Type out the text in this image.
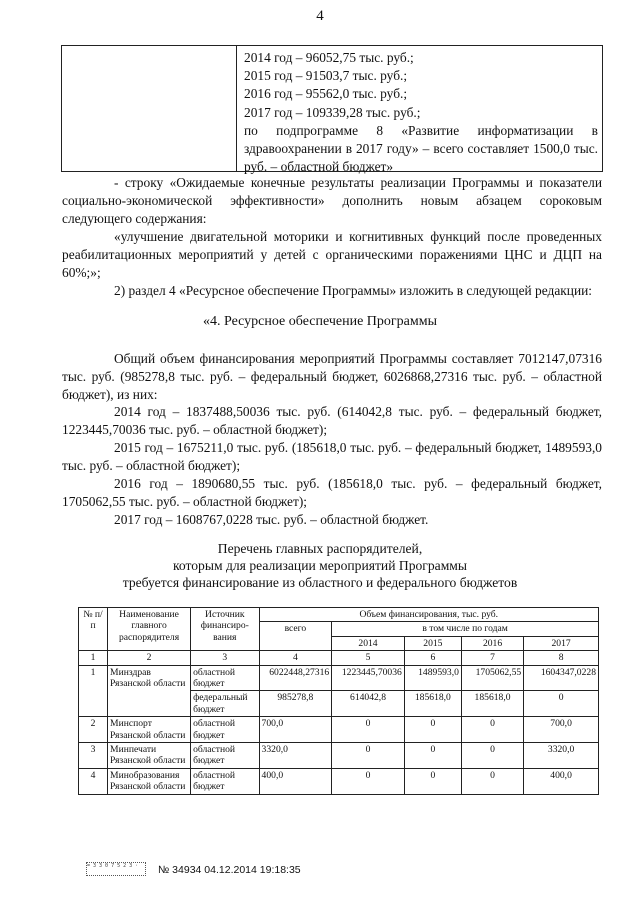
4
2014 год – 96052,75 тыс. руб.;
2015 год – 91503,7 тыс. руб.;
2016 год – 95562,0 тыс. руб.;
2017 год – 109339,28 тыс. руб.;
по подпрограмме 8 «Развитие информатизации в здравоохранении в 2017 году» – всего составляет 1500,0 тыс. руб. – областной бюджет»
- строку «Ожидаемые конечные результаты реализации Программы и показатели социально-экономической эффективности» дополнить новым абзацем сороковым следующего содержания:
«улучшение двигательной моторики и когнитивных функций после проведенных реабилитационных мероприятий у детей с органическими поражениями ЦНС и ДЦП на 60%;»;
2) раздел 4 «Ресурсное обеспечение Программы» изложить в следующей редакции:
«4. Ресурсное обеспечение Программы
Общий объем финансирования мероприятий Программы составляет 7012147,07316 тыс. руб. (985278,8 тыс. руб. – федеральный бюджет, 6026868,27316 тыс. руб. – областной бюджет), из них:
2014 год – 1837488,50036 тыс. руб. (614042,8 тыс. руб. – федеральный бюджет, 1223445,70036 тыс. руб. – областной бюджет);
2015 год – 1675211,0 тыс. руб. (185618,0 тыс. руб. – федеральный бюджет, 1489593,0 тыс. руб. – областной бюджет);
2016 год – 1890680,55 тыс. руб. (185618,0 тыс. руб. – федеральный бюджет, 1705062,55 тыс. руб. – областной бюджет);
2017 год – 1608767,0228 тыс. руб. – областной бюджет.
Перечень главных распорядителей,
которым для реализации мероприятий Программы
требуется финансирование из областного и федерального бюджетов
№ п/п	Наименование главного распорядителя	Источник финансиро- вания	Объем финансирования, тыс. руб.				
			всего	в том числе по годам			
				2014	2015	2016	2017
1	2	3	4	5	6	7	8
1	Минздрав Рязанской области	областной бюджет	6022448,27316	1223445,70036	1489593,0	1705062,55	1604347,0228
		федеральный бюджет	985278,8	614042,8	185618,0	185618,0	0
2	Минспорт Рязанской области	областной бюджет	700,0	0	0	0	700,0
3	Минпечати Рязанской области	областной бюджет	3320,0	0	0	0	3320,0
4	Минобразования Рязанской области	областной бюджет	400,0	0	0	0	400,0
= 3 3 0 7 5 2 3 ·	№ 34934 04.12.2014 19:18:35
